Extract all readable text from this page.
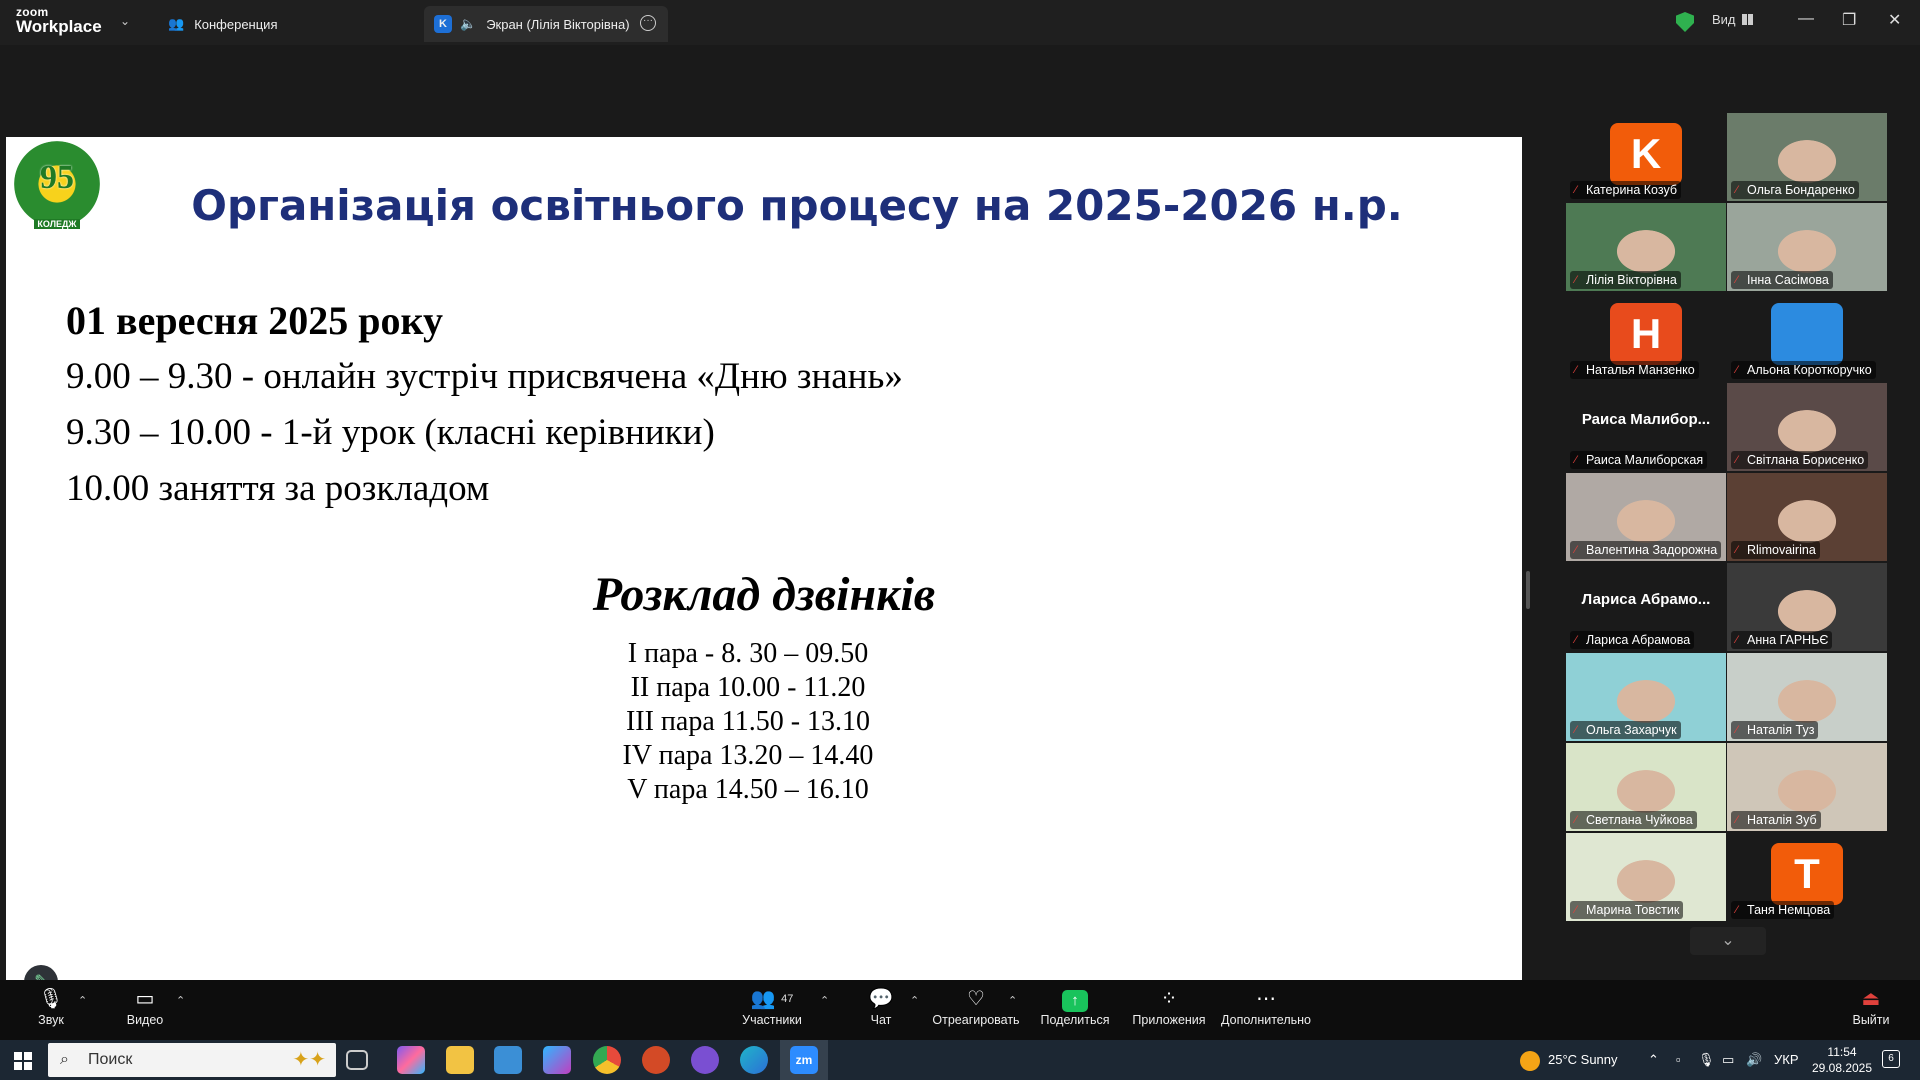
zoom
Workplace	⌄	👥 Конференция	K	🔈 Экран (Лілія Вікторівна)	···	Вид	— ❐ ✕
95
КОЛЕДЖ	Організація освітнього процесу на 2025-2026 н.р.
01 вересня 2025 року
9.00 – 9.30 - онлайн зустріч присвячена «Дню знань»
9.30 – 10.00 - 1-й урок (класні керівники)
10.00 заняття за розкладом
Розклад дзвінків
І пара - 8. 30 – 09.50
ІІ пара 10.00 - 11.20
ІІІ пара 11.50 - 13.10
IV пара 13.20 – 14.40
V пара 14.50 – 16.10
K
⁄ Катерина Козуб	⁄ Ольга Бондаренко
⁄ Лілія Вікторівна	⁄ Інна Сасімова
H
⁄ Наталья Манзенко	⁄ Альона Короткоручко
Раиса Малибор...
⁄ Раиса Малиборская	⁄ Світлана Борисенко
⁄ Валентина Задорожна	⁄ Rlimovairina
Лариса Абрамо...
⁄ Лариса Абрамова	⁄ Анна ГАРНЬЄ
⁄ Ольга Захарчук	⁄ Наталія Туз
⁄ Светлана Чуйкова	⁄ Наталія Зуб
⁄ Марина Товстик
T
⁄ Таня Немцова
⌄
🎙
Звук
⌃	▭
Видео
⌃	👥 $^{47}$
Участники
⌃	💬
Чат
⌃	♡
Отреагировать
⌃	↑
Поделиться
⁘
Приложения
⋯
Дополнительно
⏏
Выйти
⌕ Поиск	✦✦	zm	25°C Sunny ⌃ ▫ 🎙 ▭ 🔊 УКР	11:54
29.08.2025
6
